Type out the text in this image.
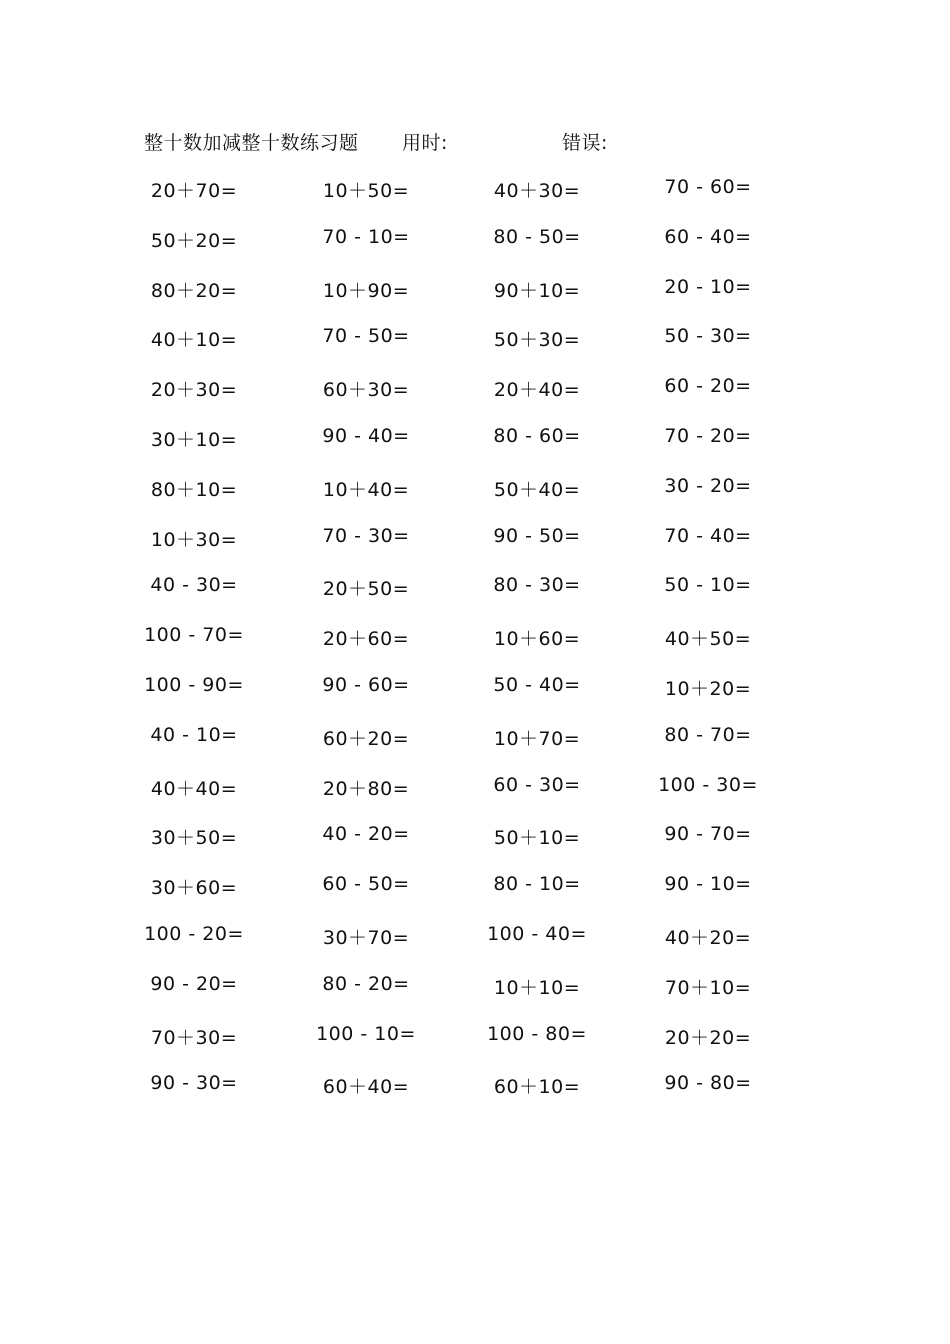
整十数加减整十数练习题 用时:	错误:
20＋70=	10＋50=	40＋30=	70 - 60=
50＋20=	70 - 10=	80 - 50=	60 - 40=
80＋20=	10＋90=	90＋10=	20 - 10=
40＋10=	70 - 50=	50＋30=	50 - 30=
20＋30=	60＋30=	20＋40=	60 - 20=
30＋10=	90 - 40=	80 - 60=	70 - 20=
80＋10=	10＋40=	50＋40=	30 - 20=
10＋30=	70 - 30=	90 - 50=	70 - 40=
40 - 30=	20＋50=	80 - 30=	50 - 10=
100 - 70=	20＋60=	10＋60=	40＋50=
100 - 90=	90 - 60=	50 - 40=	10＋20=
40 - 10=	60＋20=	10＋70=	80 - 70=
40＋40=	20＋80=	60 - 30=	100 - 30=
30＋50=	40 - 20=	50＋10=	90 - 70=
30＋60=	60 - 50=	80 - 10=	90 - 10=
100 - 20=	30＋70=	100 - 40=	40＋20=
90 - 20=	80 - 20=	10＋10=	70＋10=
70＋30=	100 - 10=	100 - 80=	20＋20=
90 - 30=	60＋40=	60＋10=	90 - 80=
